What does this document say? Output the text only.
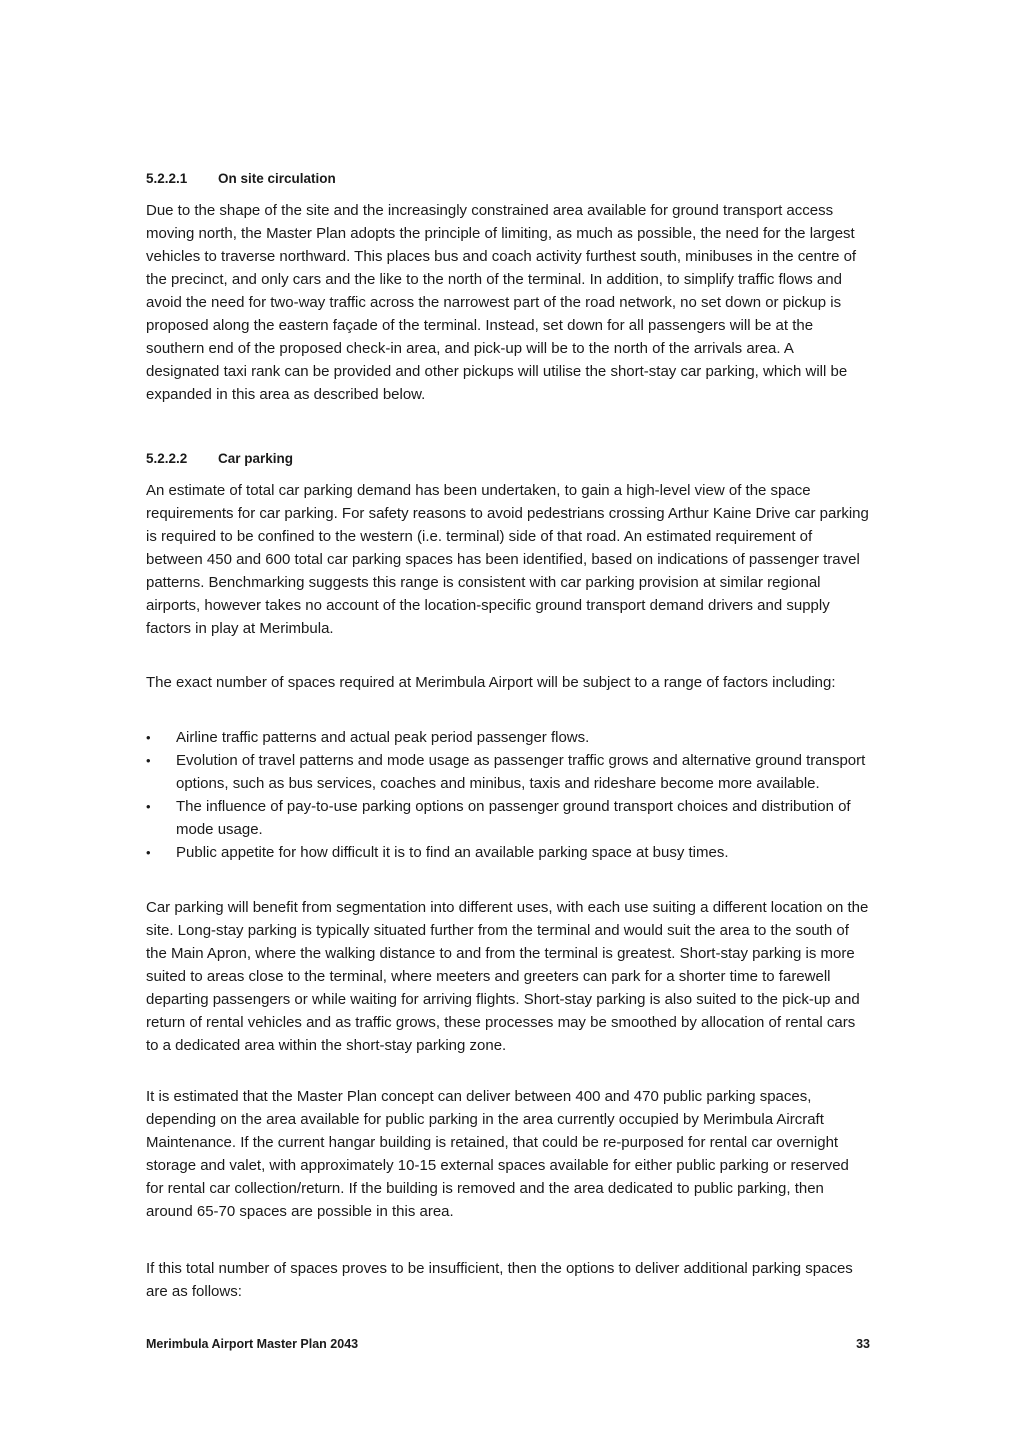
5.2.2.1 On site circulation

Due to the shape of the site and the increasingly constrained area available for ground transport access moving north, the Master Plan adopts the principle of limiting, as much as possible, the need for the largest vehicles to traverse northward. This places bus and coach activity furthest south, minibuses in the centre of the precinct, and only cars and the like to the north of the terminal. In addition, to simplify traffic flows and avoid the need for two-way traffic across the narrowest part of the road network, no set down or pickup is proposed along the eastern façade of the terminal. Instead, set down for all passengers will be at the southern end of the proposed check-in area, and pick-up will be to the north of the arrivals area. A designated taxi rank can be provided and other pickups will utilise the short-stay car parking, which will be expanded in this area as described below.

5.2.2.2 Car parking

An estimate of total car parking demand has been undertaken, to gain a high-level view of the space requirements for car parking. For safety reasons to avoid pedestrians crossing Arthur Kaine Drive car parking is required to be confined to the western (i.e. terminal) side of that road. An estimated requirement of between 450 and 600 total car parking spaces has been identified, based on indications of passenger travel patterns. Benchmarking suggests this range is consistent with car parking provision at similar regional airports, however takes no account of the location-specific ground transport demand drivers and supply factors in play at Merimbula.

The exact number of spaces required at Merimbula Airport will be subject to a range of factors including:

• Airline traffic patterns and actual peak period passenger flows.
• Evolution of travel patterns and mode usage as passenger traffic grows and alternative ground transport options, such as bus services, coaches and minibus, taxis and rideshare become more available.
• The influence of pay-to-use parking options on passenger ground transport choices and distribution of mode usage.
• Public appetite for how difficult it is to find an available parking space at busy times.

Car parking will benefit from segmentation into different uses, with each use suiting a different location on the site. Long-stay parking is typically situated further from the terminal and would suit the area to the south of the Main Apron, where the walking distance to and from the terminal is greatest. Short-stay parking is more suited to areas close to the terminal, where meeters and greeters can park for a shorter time to farewell departing passengers or while waiting for arriving flights. Short-stay parking is also suited to the pick-up and return of rental vehicles and as traffic grows, these processes may be smoothed by allocation of rental cars to a dedicated area within the short-stay parking zone.

It is estimated that the Master Plan concept can deliver between 400 and 470 public parking spaces, depending on the area available for public parking in the area currently occupied by Merimbula Aircraft Maintenance. If the current hangar building is retained, that could be re-purposed for rental car overnight storage and valet, with approximately 10-15 external spaces available for either public parking or reserved for rental car collection/return. If the building is removed and the area dedicated to public parking, then around 65-70 spaces are possible in this area.

If this total number of spaces proves to be insufficient, then the options to deliver additional parking spaces are as follows:

Merimbula Airport Master Plan 2043	33
